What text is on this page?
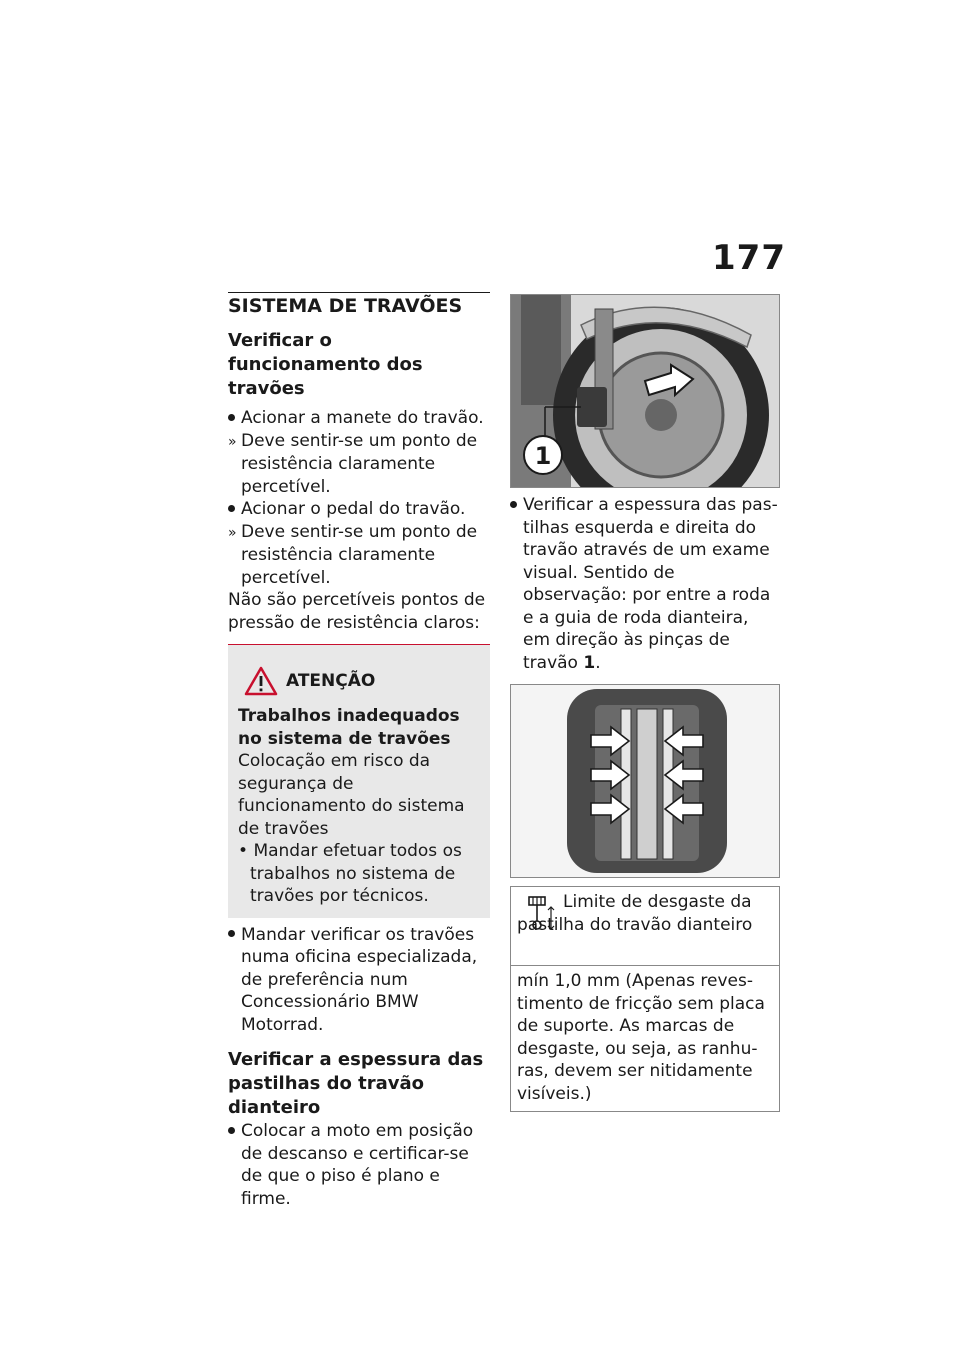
177
SISTEMA DE TRAVÕES
Verificar o funcionamento dos travões
Acionar a manete do travão.
» Deve sentir-se um ponto de resistência claramente percetível.
Acionar o pedal do travão.
» Deve sentir-se um ponto de resistência claramente percetível.
Não são percetíveis pontos de pressão de resistência claros:
ATENÇÃO
Trabalhos inadequados no sistema de travões
Colocação em risco da segurança de funcionamento do sistema de travões
• Mandar efetuar todos os trabalhos no sistema de travões por técnicos.
Mandar verificar os travões numa oficina especializada, de preferência num Concessionário BMW Motorrad.
Verificar a espessura das pastilhas do travão dianteiro
Colocar a moto em posição de descanso e certificar-se de que o piso é plano e firme.
1
Verificar a espessura das pastilhas esquerda e direita do travão através de um exame visual. Sentido de observação: por entre a roda e a guia de roda dianteira, em direção às pinças de travão 1.
Limite de desgaste da pastilha do travão dianteiro
mín 1,0 mm (Apenas revestimento de fricção sem placa de suporte. As marcas de desgaste, ou seja, as ranhuras, devem ser nitidamente visíveis.)
